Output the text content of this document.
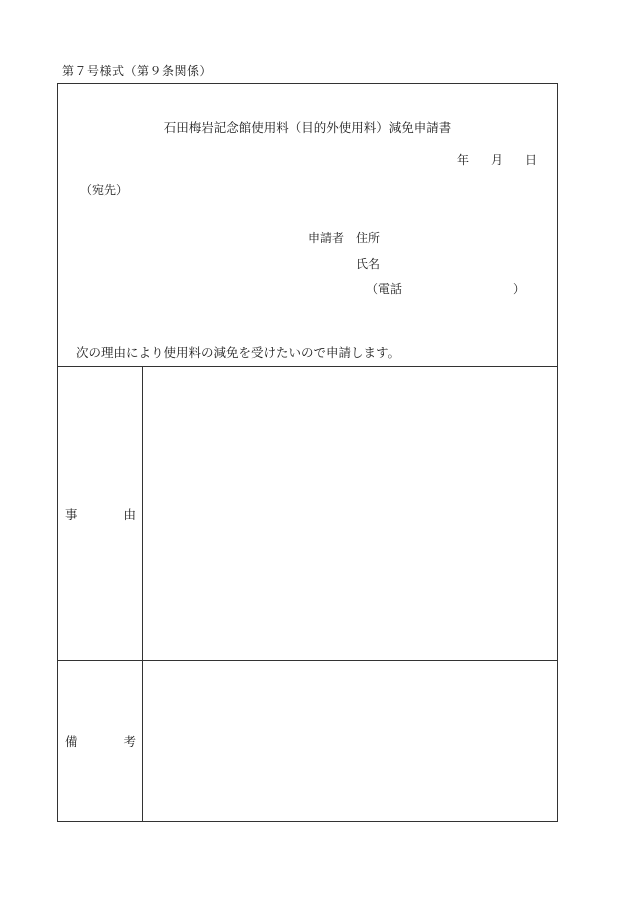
第７号様式（第９条関係）
石田梅岩記念館使用料（目的外使用料）減免申請書
年 月 日
（宛先）
申請者 住所
氏名
（電話	）
次の理由により使用料の減免を受けたいので申請します。
事	由
備	考
